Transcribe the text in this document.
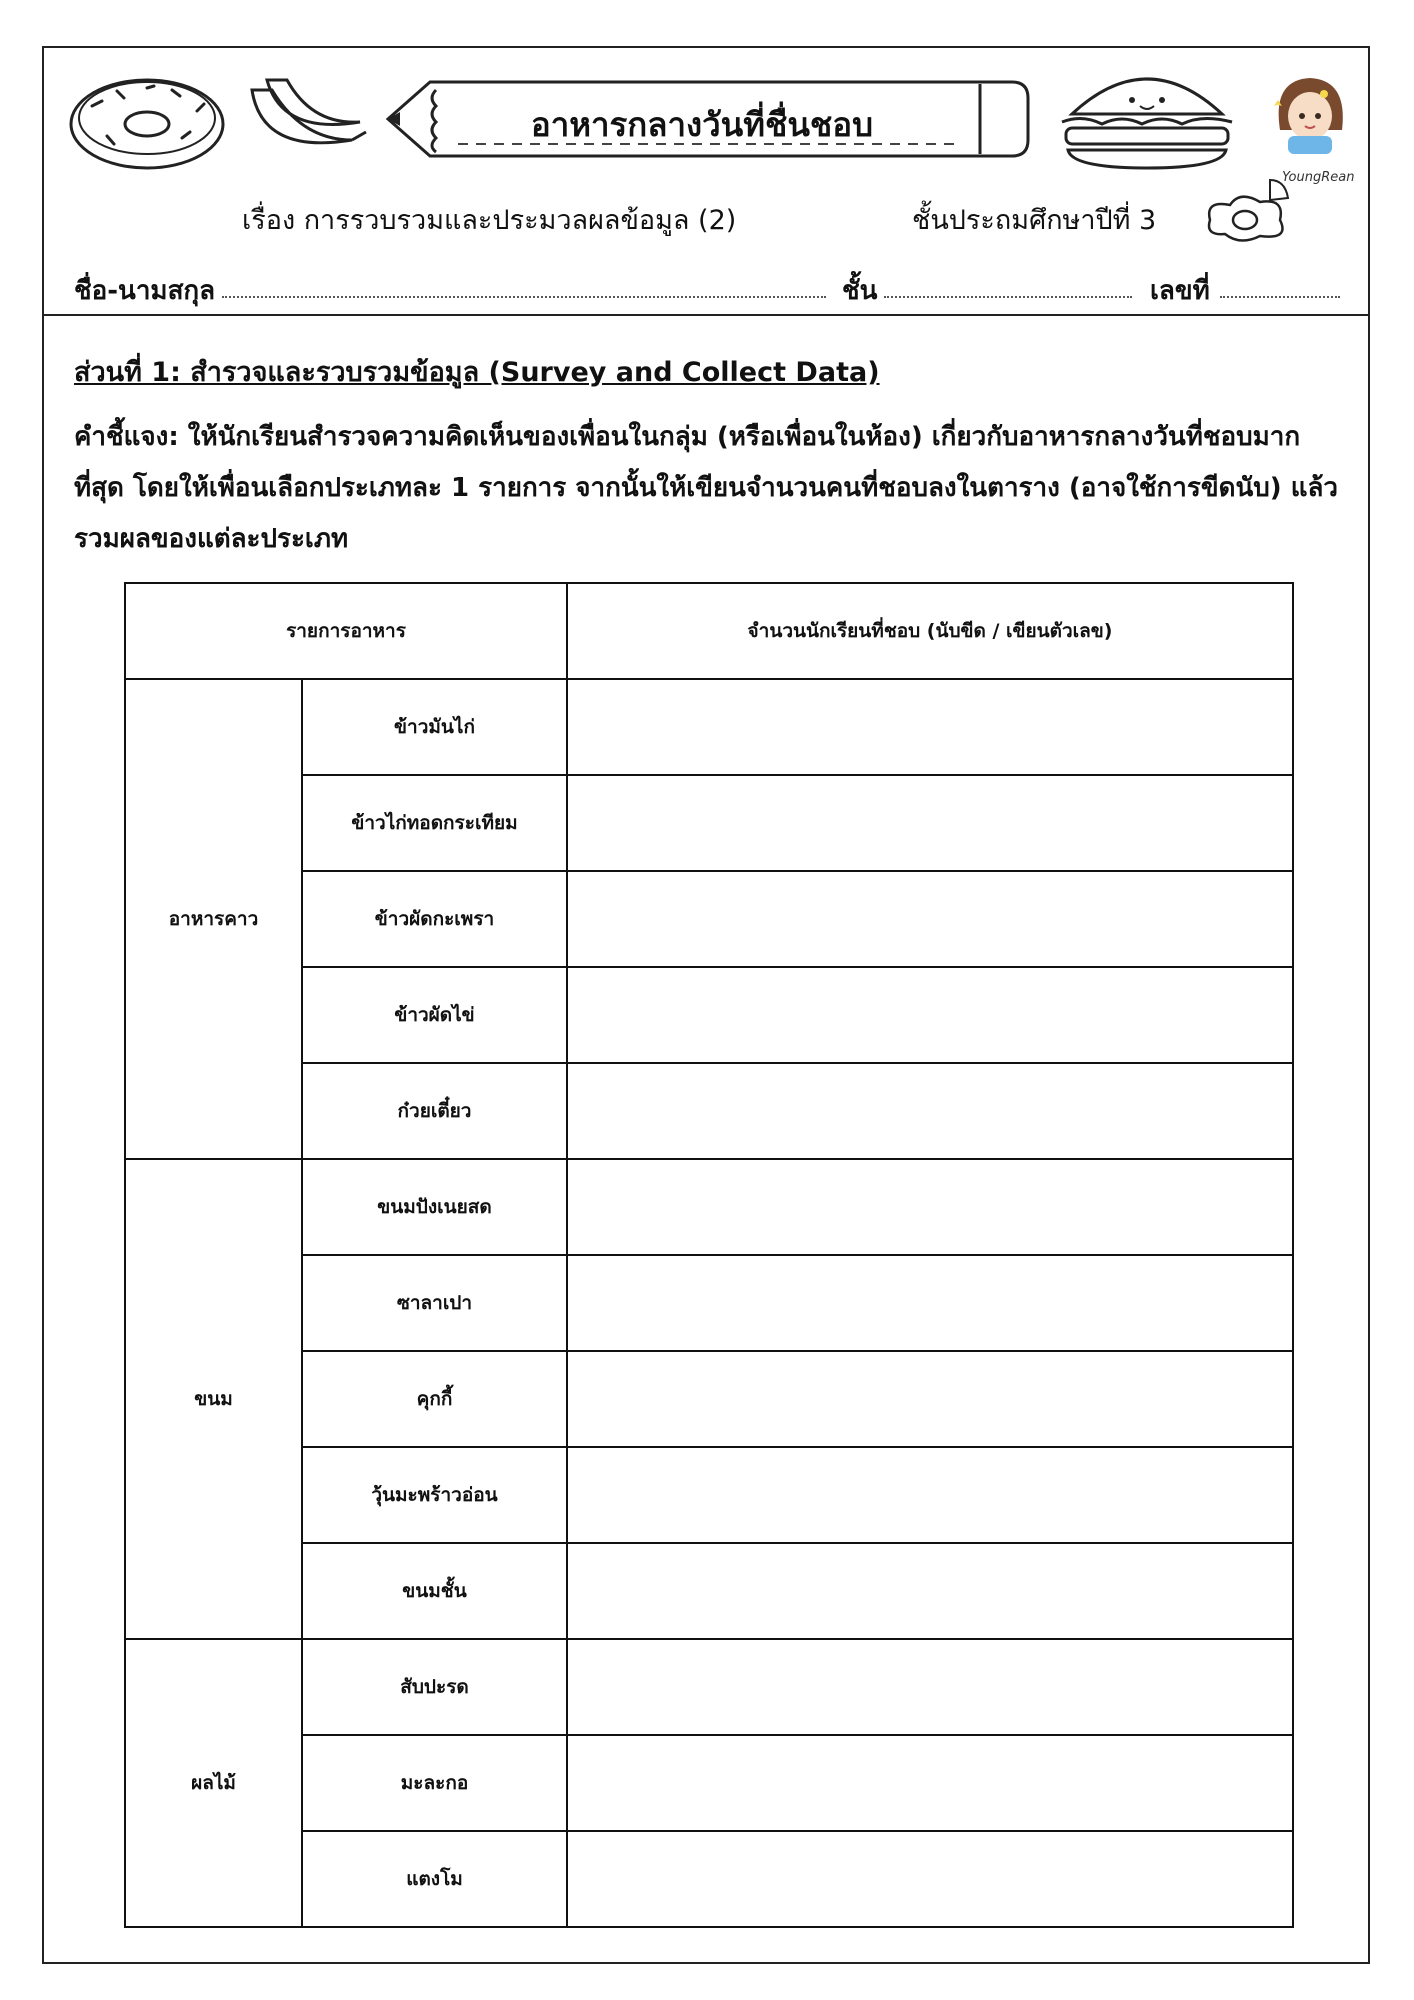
อาหารกลางวันที่ชื่นชอบ
YoungRean
เรื่อง การรวบรวมและประมวลผลข้อมูล (2)	ชั้นประถมศึกษาปีที่ 3
ชื่อ-นามสกุล	ชั้น	เลขที่
ส่วนที่ 1: สำรวจและรวบรวมข้อมูล (Survey and Collect Data)
คำชี้แจง: ให้นักเรียนสำรวจความคิดเห็นของเพื่อนในกลุ่ม (หรือเพื่อนในห้อง) เกี่ยวกับอาหารกลางวันที่ชอบมากที่สุด โดยให้เพื่อนเลือกประเภทละ 1 รายการ จากนั้นให้เขียนจำนวนคนที่ชอบลงในตาราง (อาจใช้การขีดนับ) แล้วรวมผลของแต่ละประเภท
รายการอาหาร		จำนวนนักเรียนที่ชอบ (นับขีด / เขียนตัวเลข)
อาหารคาว	ข้าวมันไก่	
	ข้าวไก่ทอดกระเทียม	
	ข้าวผัดกะเพรา	
	ข้าวผัดไข่	
	ก๋วยเตี๋ยว	
ขนม	ขนมปังเนยสด	
	ซาลาเปา	
	คุกกี้	
	วุ้นมะพร้าวอ่อน	
	ขนมชั้น	
ผลไม้	สับปะรด	
	มะละกอ	
	แตงโม	
